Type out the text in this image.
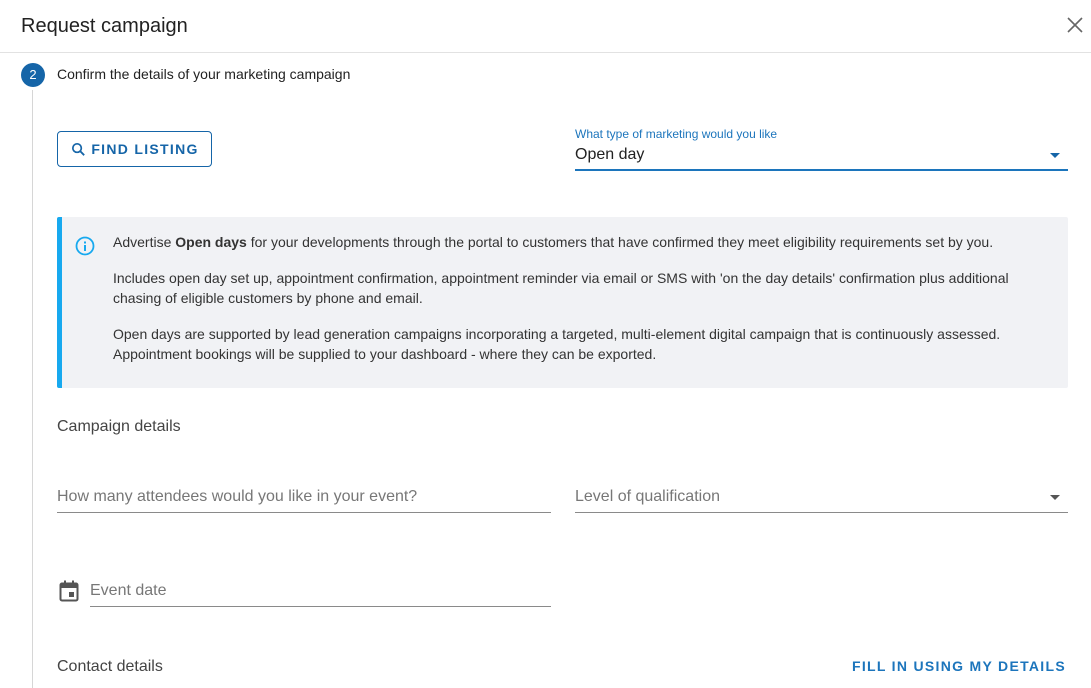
Request campaign
2	Confirm the details of your marketing campaign
FIND LISTING
What type of marketing would you like
Open day

Advertise Open days for your developments through the portal to customers that have confirmed they meet eligibility requirements set by you.

Includes open day set up, appointment confirmation, appointment reminder via email or SMS with 'on the day details' confirmation plus additional chasing of eligible customers by phone and email.

Open days are supported by lead generation campaigns incorporating a targeted, multi-element digital campaign that is continuously assessed. Appointment bookings will be supplied to your dashboard - where they can be exported.

Campaign details
How many attendees would you like in your event?	Level of qualification
Event date
Contact details	FILL IN USING MY DETAILS
